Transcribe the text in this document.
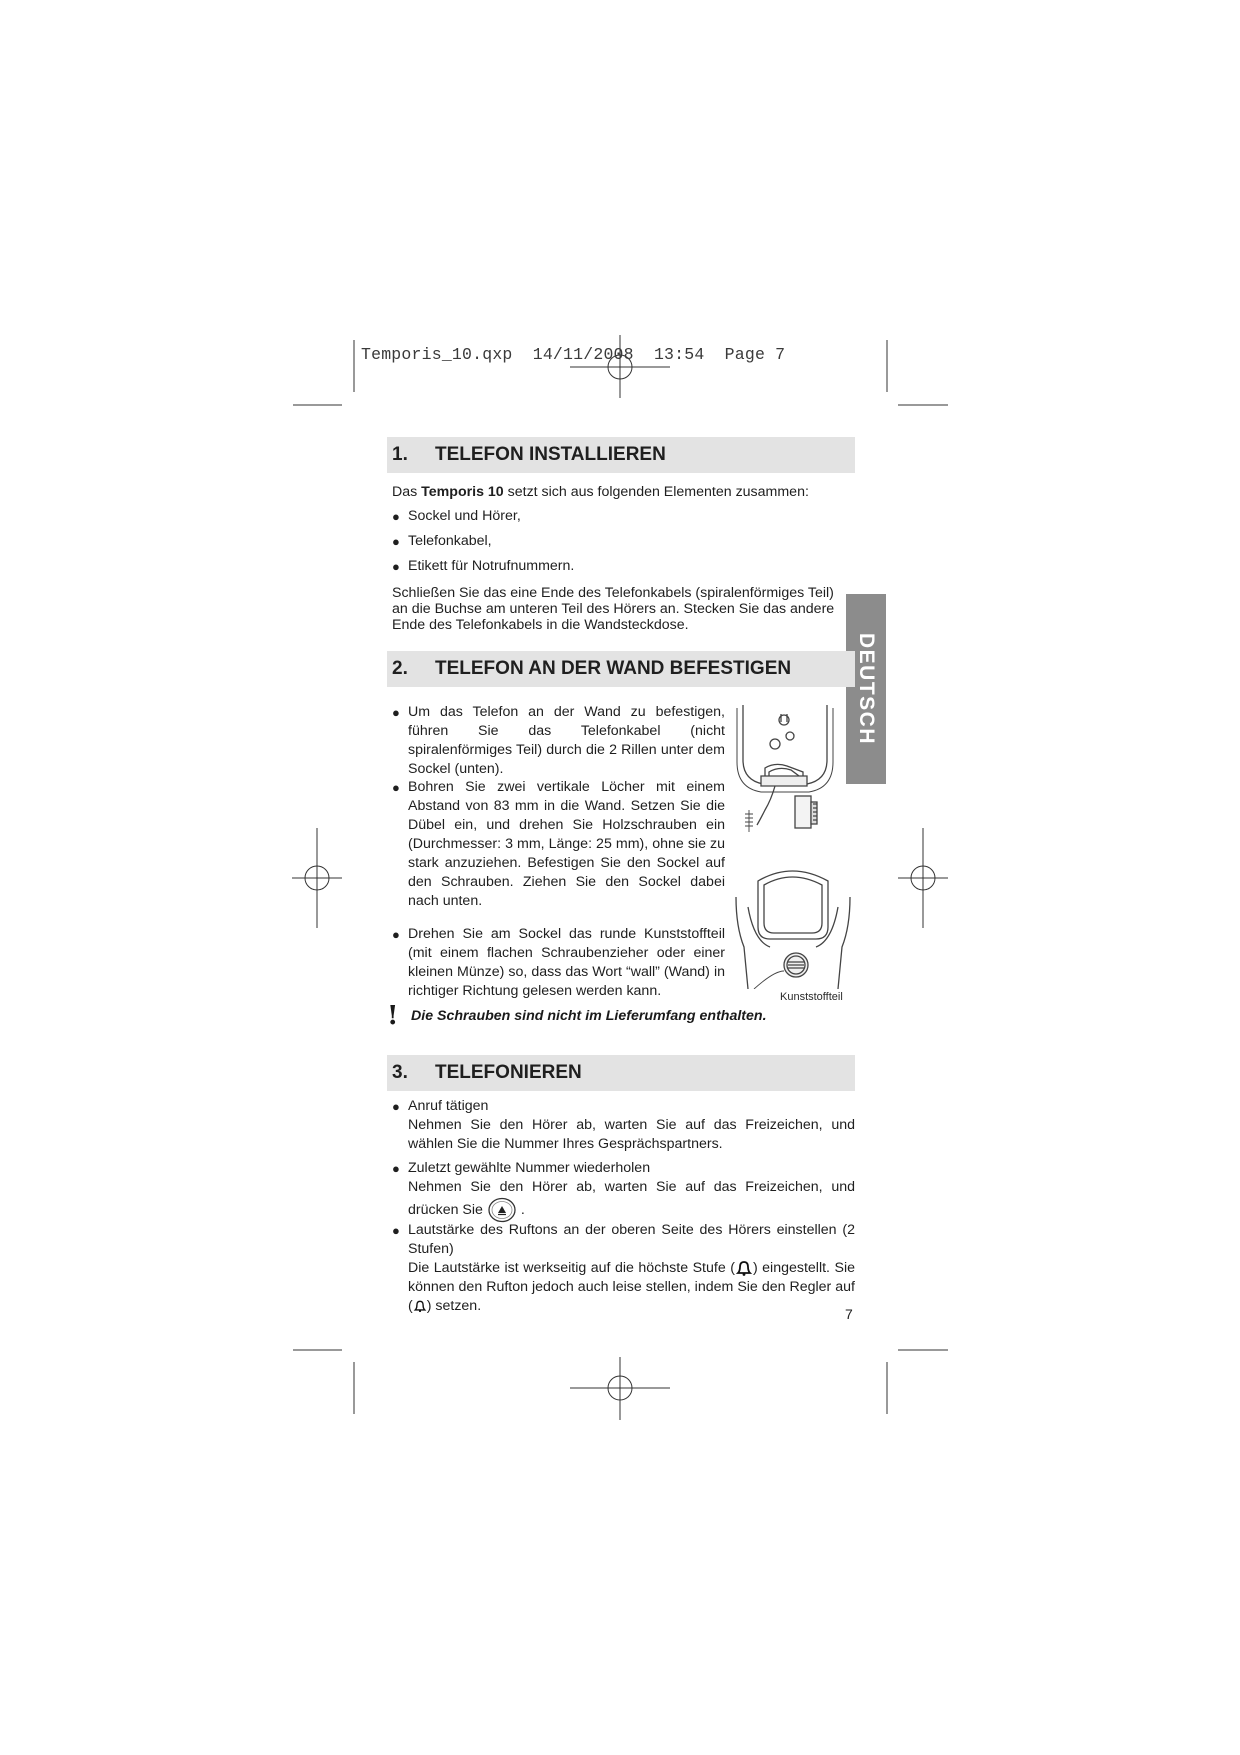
Temporis_10.qxp  14/11/2008  13:54  Page 7
DEUTSCH
1.	TELEFON INSTALLIEREN
Das Temporis 10 setzt sich aus folgenden Elementen zusammen:
● Sockel und Hörer,
● Telefonkabel,
● Etikett für Notrufnummern.
Schließen Sie das eine Ende des Telefonkabels (spiralenförmiges Teil)
an die Buchse am unteren Teil des Hörers an. Stecken Sie das andere
Ende des Telefonkabels in die Wandsteckdose.
2.	TELEFON AN DER WAND BEFESTIGEN
● Um das Telefon an der Wand zu befestigen, führen Sie das Telefonkabel (nicht spiralenförmiges Teil) durch die 2 Rillen unter dem Sockel (unten).
● Bohren Sie zwei vertikale Löcher mit einem Abstand von 83 mm in die Wand. Setzen Sie die Dübel ein, und drehen Sie Holzschrauben ein (Durchmesser: 3 mm, Länge: 25 mm), ohne sie zu stark anzuziehen. Befestigen Sie den Sockel auf den Schrauben. Ziehen Sie den Sockel dabei nach unten.
● Drehen Sie am Sockel das runde Kunststoffteil (mit einem flachen Schraubenzieher oder einer kleinen Münze) so, dass das Wort “wall” (Wand) in richtiger Richtung gelesen werden kann.	Kunststoffteil
! Die Schrauben sind nicht im Lieferumfang enthalten.
3.	TELEFONIEREN
● Anruf tätigen
Nehmen Sie den Hörer ab, warten Sie auf das Freizeichen, und wählen Sie die Nummer Ihres Gesprächspartners.
● Zuletzt gewählte Nummer wiederholen
Nehmen Sie den Hörer ab, warten Sie auf das Freizeichen, und
drücken Sie	.
● Lautstärke des Ruftons an der oberen Seite des Hörers einstellen (2 Stufen)
Die Lautstärke ist werkseitig auf die höchste Stufe ( ) eingestellt. Sie können den Rufton jedoch auch leise stellen, indem Sie den Regler auf ( ) setzen.	7
